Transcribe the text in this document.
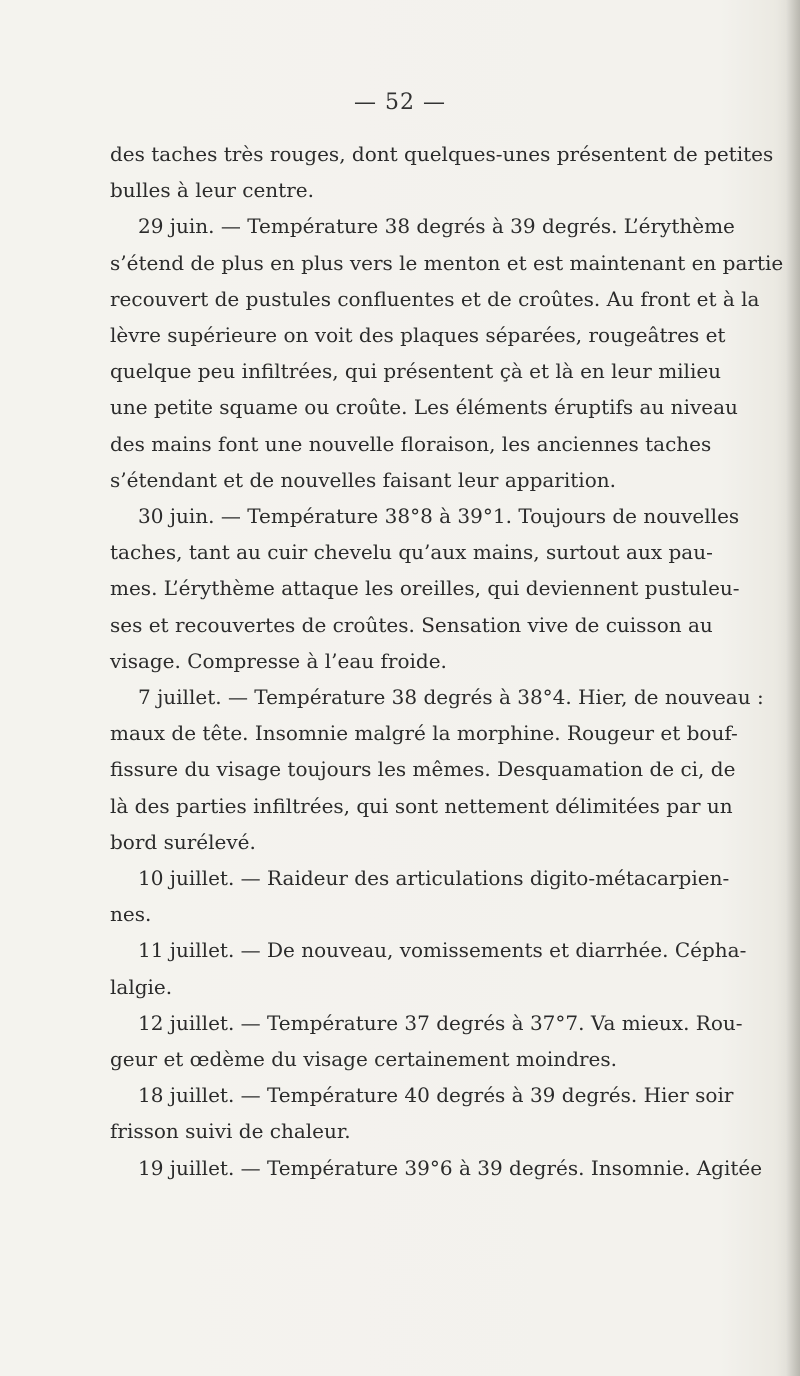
— 52 —
des taches très rouges, dont quelques-unes présentent de petites
bulles à leur centre.
29 juin. — Température 38 degrés à 39 degrés. L’érythème
s’étend de plus en plus vers le menton et est maintenant en partie
recouvert de pustules confluentes et de croûtes. Au front et à la
lèvre supérieure on voit des plaques séparées, rougeâtres et
quelque peu infiltrées, qui présentent çà et là en leur milieu
une petite squame ou croûte. Les éléments éruptifs au niveau
des mains font une nouvelle floraison, les anciennes taches
s’étendant et de nouvelles faisant leur apparition.
30 juin. — Température 38°8 à 39°1. Toujours de nouvelles
taches, tant au cuir chevelu qu’aux mains, surtout aux pau-
mes. L’érythème attaque les oreilles, qui deviennent pustuleu-
ses et recouvertes de croûtes. Sensation vive de cuisson au
visage. Compresse à l’eau froide.
7 juillet. — Température 38 degrés à 38°4. Hier, de nouveau :
maux de tête. Insomnie malgré la morphine. Rougeur et bouf-
fissure du visage toujours les mêmes. Desquamation de ci, de
là des parties infiltrées, qui sont nettement délimitées par un
bord surélevé.
10 juillet. — Raideur des articulations digito-métacarpien-
nes.
11 juillet. — De nouveau, vomissements et diarrhée. Cépha-
lalgie.
12 juillet. — Température 37 degrés à 37°7. Va mieux. Rou-
geur et œdème du visage certainement moindres.
18 juillet. — Température 40 degrés à 39 degrés. Hier soir
frisson suivi de chaleur.
19 juillet. — Température 39°6 à 39 degrés. Insomnie. Agitée
